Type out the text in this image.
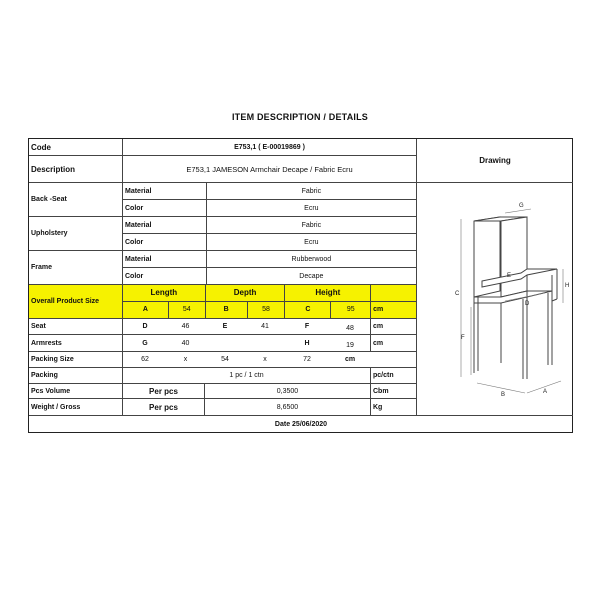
ITEM DESCRIPTION / DETAILS
Code	E753,1 ( E-00019869 )
Description	E753,1 JAMESON Armchair Decape / Fabric Ecru
Back -Seat
Material	Fabric
Color	Ecru
Upholstery
Material	Fabric
Color	Ecru
Frame
Material	Rubberwood
Color	Decape
Overall Product Size
Length	Depth	Height
A	54	B	58	C	95	cm
Seat	D	46	E	41	F	48	cm
Armrests	G	40	H	19	cm
Packing Size	62	x	54	x	72	cm
Packing	1 pc / 1 ctn	pc/ctn
Pcs Volume	Per pcs	0,3500	Cbm
Weight / Gross	Per pcs	8,6500	Kg
Drawing
C
F
H
G
E
D
B	A
Date 25/06/2020
